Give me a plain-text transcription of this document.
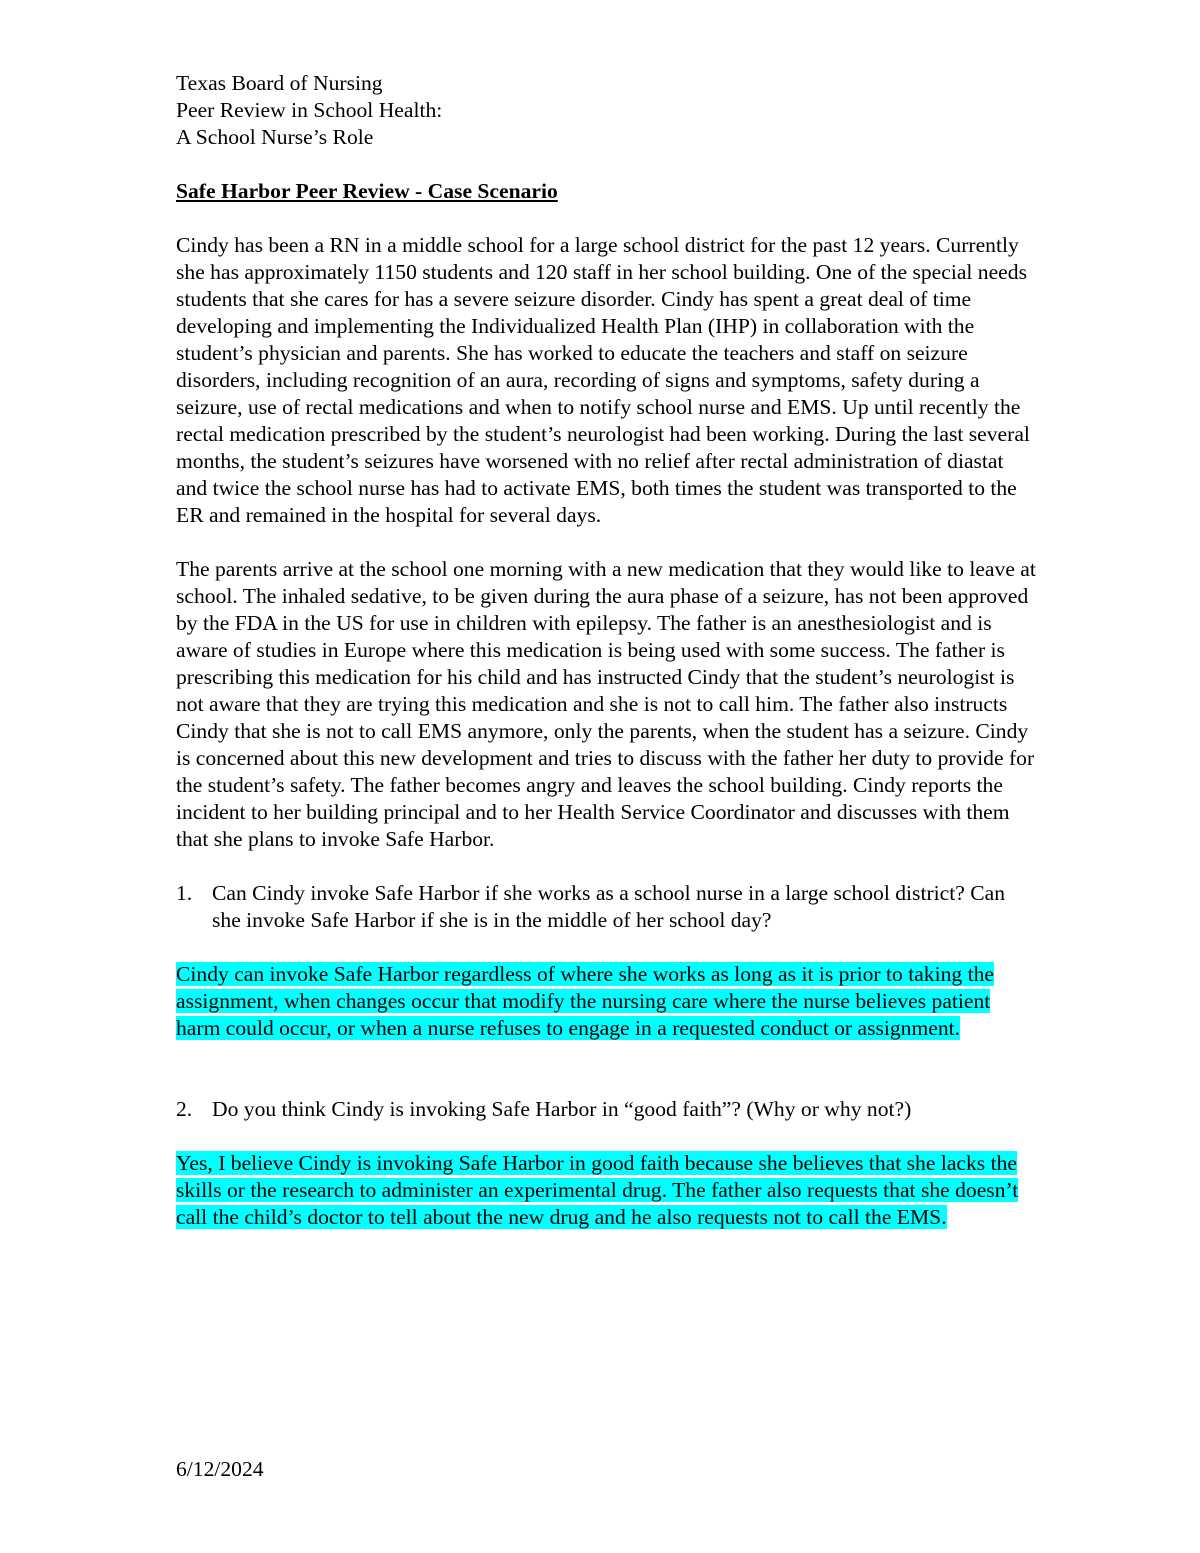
Texas Board of Nursing
Peer Review in School Health:
A School Nurse’s Role
Safe Harbor Peer Review - Case Scenario

Cindy has been a RN in a middle school for a large school district for the past 12 years. Currently she has approximately 1150 students and 120 staff in her school building. One of the special needs students that she cares for has a severe seizure disorder. Cindy has spent a great deal of time developing and implementing the Individualized Health Plan (IHP) in collaboration with the student’s physician and parents. She has worked to educate the teachers and staff on seizure disorders, including recognition of an aura, recording of signs and symptoms, safety during a seizure, use of rectal medications and when to notify school nurse and EMS. Up until recently the rectal medication prescribed by the student’s neurologist had been working. During the last several months, the student’s seizures have worsened with no relief after rectal administration of diastat and twice the school nurse has had to activate EMS, both times the student was transported to the ER and remained in the hospital for several days.

The parents arrive at the school one morning with a new medication that they would like to leave at school. The inhaled sedative, to be given during the aura phase of a seizure, has not been approved by the FDA in the US for use in children with epilepsy. The father is an anesthesiologist and is aware of studies in Europe where this medication is being used with some success. The father is prescribing this medication for his child and has instructed Cindy that the student’s neurologist is not aware that they are trying this medication and she is not to call him. The father also instructs Cindy that she is not to call EMS anymore, only the parents, when the student has a seizure. Cindy is concerned about this new development and tries to discuss with the father her duty to provide for the student’s safety. The father becomes angry and leaves the school building. Cindy reports the incident to her building principal and to her Health Service Coordinator and discusses with them that she plans to invoke Safe Harbor.

1. Can Cindy invoke Safe Harbor if she works as a school nurse in a large school district? Can she invoke Safe Harbor if she is in the middle of her school day?

Cindy can invoke Safe Harbor regardless of where she works as long as it is prior to taking the assignment, when changes occur that modify the nursing care where the nurse believes patient harm could occur, or when a nurse refuses to engage in a requested conduct or assignment.

2. Do you think Cindy is invoking Safe Harbor in “good faith”? (Why or why not?)

Yes, I believe Cindy is invoking Safe Harbor in good faith because she believes that she lacks the skills or the research to administer an experimental drug. The father also requests that she doesn’t call the child’s doctor to tell about the new drug and he also requests not to call the EMS.

6/12/2024
